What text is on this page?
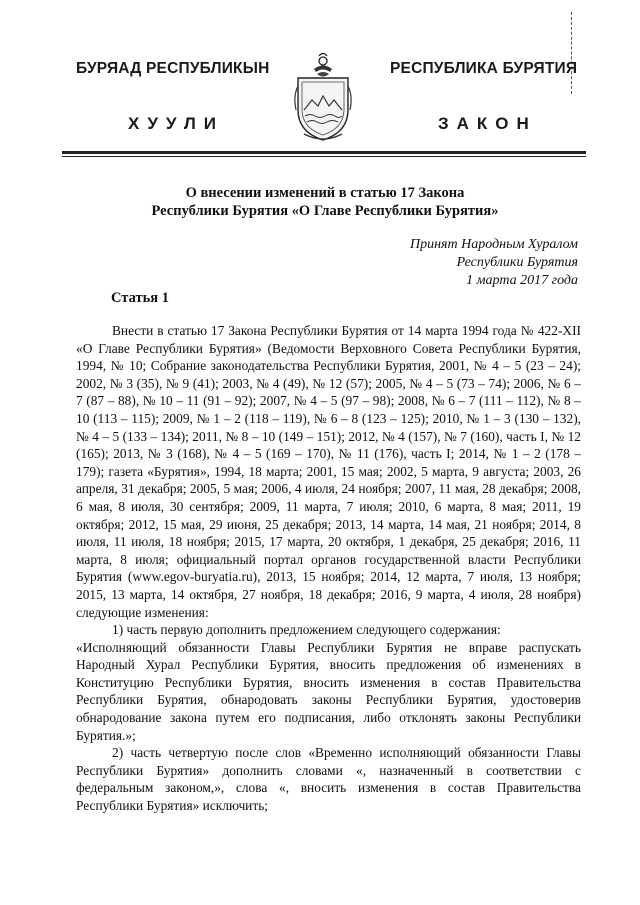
БУРЯАД РЕСПУБЛИКЫН	РЕСПУБЛИКА БУРЯТИЯ
ХУУЛИ	ЗАКОН
О внесении изменений в статью 17 Закона
Республики Бурятия «О Главе Республики Бурятия»
Принят Народным Хуралом
Республики Бурятия
1 марта 2017 года
Статья 1

Внести в статью 17 Закона Республики Бурятия от 14 марта 1994 года № 422-XII «О Главе Республики Бурятия» (Ведомости Верховного Совета Республики Бурятия, 1994, № 10; Собрание законодательства Республики Бурятия, 2001, № 4 – 5 (23 – 24); 2002, № 3 (35), № 9 (41); 2003, № 4 (49), № 12 (57); 2005, № 4 – 5 (73 – 74); 2006, № 6 – 7 (87 – 88), № 10 – 11 (91 – 92); 2007, № 4 – 5 (97 – 98); 2008, № 6 – 7 (111 – 112), № 8 – 10 (113 – 115); 2009, № 1 – 2 (118 – 119), № 6 – 8 (123 – 125); 2010, № 1 – 3 (130 – 132), № 4 – 5 (133 – 134); 2011, № 8 – 10 (149 – 151); 2012, № 4 (157), № 7 (160), часть I, № 12 (165); 2013, № 3 (168), № 4 – 5 (169 – 170), № 11 (176), часть I; 2014, № 1 – 2 (178 – 179); газета «Бурятия», 1994, 18 марта; 2001, 15 мая; 2002, 5 марта, 9 августа; 2003, 26 апреля, 31 декабря; 2005, 5 мая; 2006, 4 июля, 24 ноября; 2007, 11 мая, 28 декабря; 2008, 6 мая, 8 июля, 30 сентября; 2009, 11 марта, 7 июля; 2010, 6 марта, 8 мая; 2011, 19 октября; 2012, 15 мая, 29 июня, 25 декабря; 2013, 14 марта, 14 мая, 21 ноября; 2014, 8 июля, 11 июля, 18 ноября; 2015, 17 марта, 20 октября, 1 декабря, 25 декабря; 2016, 11 марта, 8 июля; официальный портал органов государственной власти Республики Бурятия (www.egov-buryatia.ru), 2013, 15 ноября; 2014, 12 марта, 7 июля, 13 ноября; 2015, 13 марта, 14 октября, 27 ноября, 18 декабря; 2016, 9 марта, 4 июля, 28 ноября) следующие изменения:

1) часть первую дополнить предложением следующего содержания:

«Исполняющий обязанности Главы Республики Бурятия не вправе распускать Народный Хурал Республики Бурятия, вносить предложения об изменениях в Конституцию Республики Бурятия, вносить изменения в состав Правительства Республики Бурятия, обнародовать законы Республики Бурятия, удостоверив обнародование закона путем его подписания, либо отклонять законы Республики Бурятия.»;

2) часть четвертую после слов «Временно исполняющий обязанности Главы Республики Бурятия» дополнить словами «, назначенный в соответствии с федеральным законом,», слова «, вносить изменения в состав Правительства Республики Бурятия» исключить;
